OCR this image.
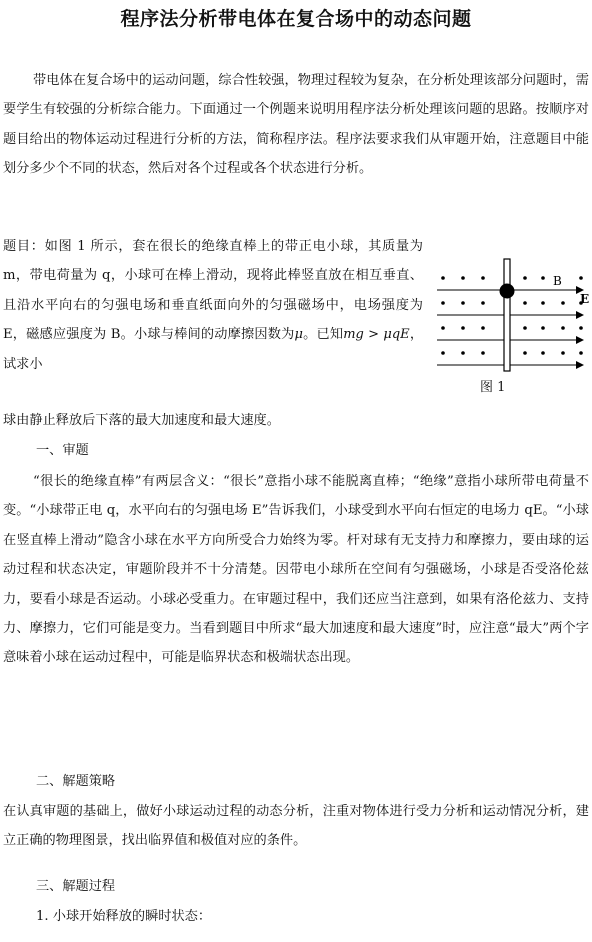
程序法分析带电体在复合场中的动态问题

带电体在复合场中的运动问题，综合性较强，物理过程较为复杂，在分析处理该部分问题时，需要学生有较强的分析综合能力。下面通过一个例题来说明用程序法分析处理该问题的思路。按顺序对题目给出的物体运动过程进行分析的方法，简称程序法。程序法要求我们从审题开始，注意题目中能划分多少个不同的状态，然后对各个过程或各个状态进行分析。

题目：如图 1 所示，套在很长的绝缘直棒上的带正电小球，其质量为 m，带电荷量为 q，小球可在棒上滑动，现将此棒竖直放在相互垂直、且沿水平向右的匀强电场和垂直纸面向外的匀强磁场中，电场强度为 E，磁感应强度为 B。小球与棒间的动摩擦因数为μ。已知mg > μqE，试求小

球由静止释放后下落的最大加速度和最大速度。

B
E
图 1

一、审题

“很长的绝缘直棒”有两层含义：“很长”意指小球不能脱离直棒；“绝缘”意指小球所带电荷量不变。“小球带正电 q，水平向右的匀强电场 E”告诉我们，小球受到水平向右恒定的电场力 qE。“小球在竖直棒上滑动”隐含小球在水平方向所受合力始终为零。杆对球有无支持力和摩擦力，要由球的运动过程和状态决定，审题阶段并不十分清楚。因带电小球所在空间有匀强磁场，小球是否受洛伦兹力，要看小球是否运动。小球必受重力。在审题过程中，我们还应当注意到，如果有洛伦兹力、支持力、摩擦力，它们可能是变力。当看到题目中所求“最大加速度和最大速度”时，应注意“最大”两个字意味着小球在运动过程中，可能是临界状态和极端状态出现。

二、解题策略

在认真审题的基础上，做好小球运动过程的动态分析，注重对物体进行受力分析和运动情况分析，建立正确的物理图景，找出临界值和极值对应的条件。

三、解题过程

1. 小球开始释放的瞬时状态：
